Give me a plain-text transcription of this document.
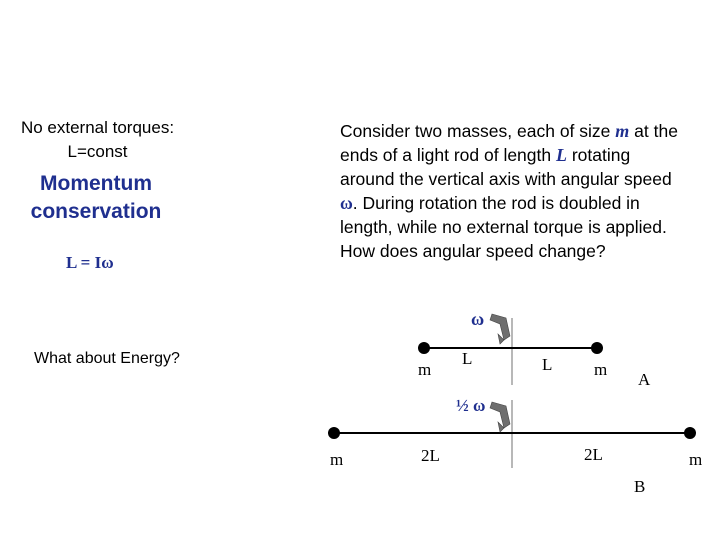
No external torques:
L=const
Momentum
conservation
L = Iω
What about Energy?
Consider two masses, each of size m at the ends of a light rod of length L rotating around the vertical axis with angular speed ω. During rotation the rod is doubled in length, while no external torque is applied. How does angular speed change?
ω
m
L	L m
A
½ ω
m	2L	2L	m
B
